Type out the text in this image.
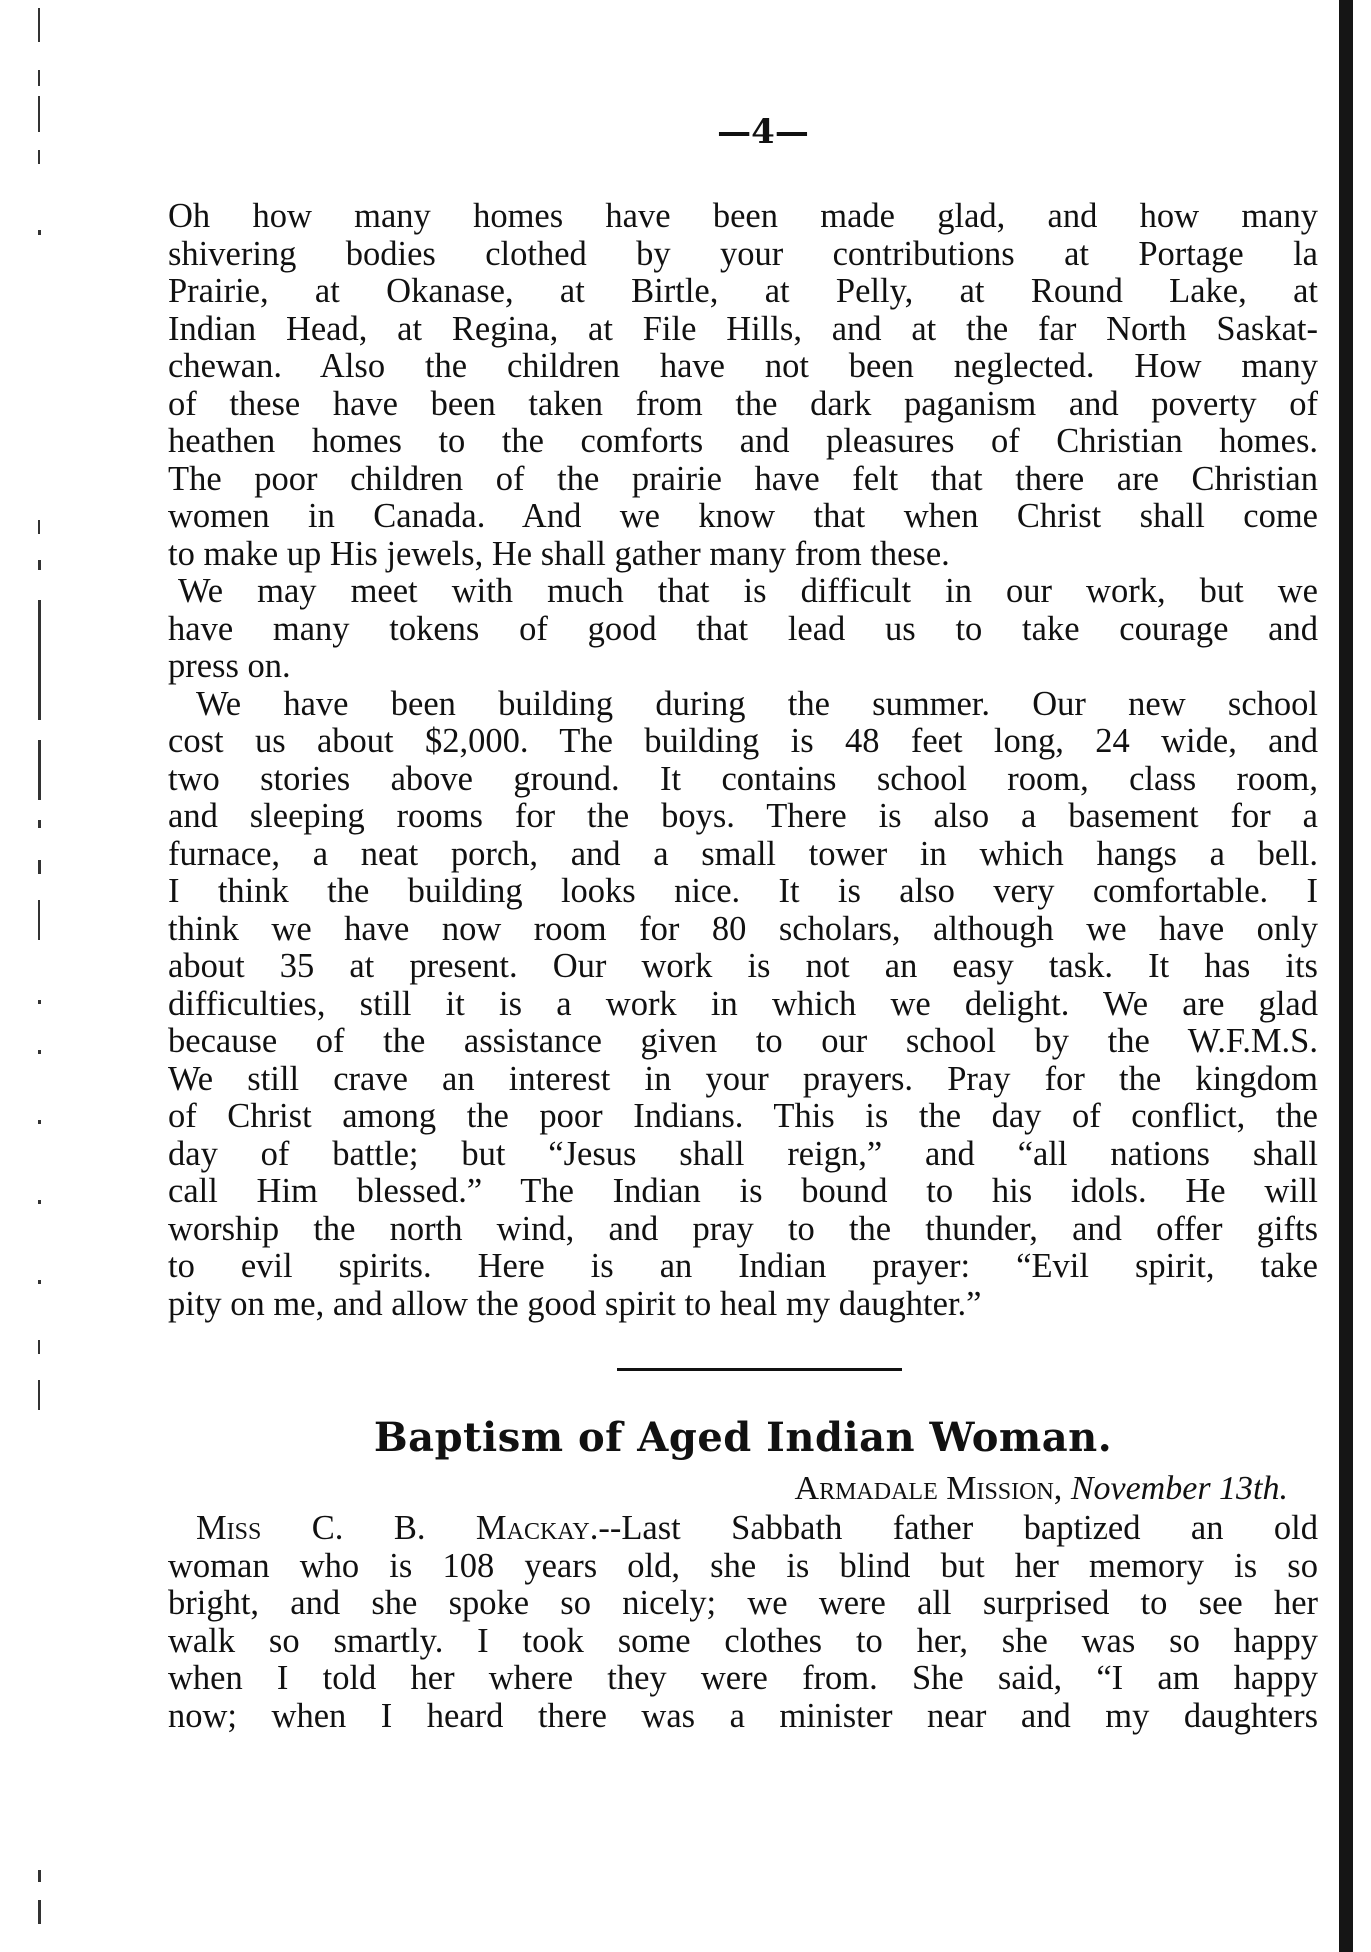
—4—
Oh how many homes have been made glad, and how many
shivering bodies clothed by your contributions at Portage la
Prairie, at Okanase, at Birtle, at Pelly, at Round Lake, at
Indian Head, at Regina, at File Hills, and at the far North Saskat-
chewan. Also the children have not been neglected. How many
of these have been taken from the dark paganism and poverty of
heathen homes to the comforts and pleasures of Christian homes.
The poor children of the prairie have felt that there are Christian
women in Canada. And we know that when Christ shall come
to make up His jewels, He shall gather many from these.
We may meet with much that is difficult in our work, but we
have many tokens of good that lead us to take courage and
press on.
We have been building during the summer. Our new school
cost us about $2,000. The building is 48 feet long, 24 wide, and
two stories above ground. It contains school room, class room,
and sleeping rooms for the boys. There is also a basement for a
furnace, a neat porch, and a small tower in which hangs a bell.
I think the building looks nice. It is also very comfortable. I
think we have now room for 80 scholars, although we have only
about 35 at present. Our work is not an easy task. It has its
difficulties, still it is a work in which we delight. We are glad
because of the assistance given to our school by the W.F.M.S.
We still crave an interest in your prayers. Pray for the kingdom
of Christ among the poor Indians. This is the day of conflict, the
day of battle; but “Jesus shall reign,” and “all nations shall
call Him blessed.” The Indian is bound to his idols. He will
worship the north wind, and pray to the thunder, and offer gifts
to evil spirits. Here is an Indian prayer: “Evil spirit, take
pity on me, and allow the good spirit to heal my daughter.”
Baptism of Aged Indian Woman.
Armadale Mission, November 13th.
Miss C. B. Mackay.--Last Sabbath father baptized an old
woman who is 108 years old, she is blind but her memory is so
bright, and she spoke so nicely; we were all surprised to see her
walk so smartly. I took some clothes to her, she was so happy
when I told her where they were from. She said, “I am happy
now; when I heard there was a minister near and my daughters
